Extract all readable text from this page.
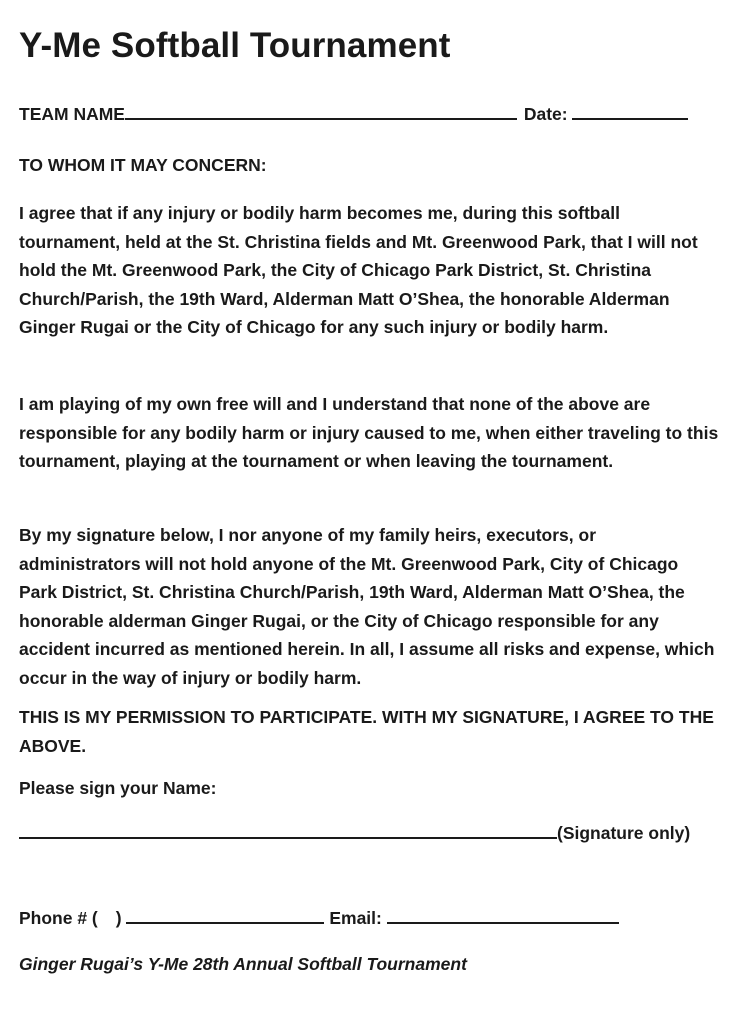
Y-Me Softball Tournament
TEAM NAME	Date:
TO WHOM IT MAY CONCERN:

I agree that if any injury or bodily harm becomes me, during this softball tournament, held at the St. Christina fields and Mt. Greenwood Park, that I will not hold the Mt. Greenwood Park, the City of Chicago Park District, St. Christina Church/Parish, the 19th Ward, Alderman Matt O’Shea, the honorable Alderman Ginger Rugai or the City of Chicago for any such injury or bodily harm.

I am playing of my own free will and I understand that none of the above are responsible for any bodily harm or injury caused to me, when either traveling to this tournament, playing at the tournament or when leaving the tournament.

By my signature below, I nor anyone of my family heirs, executors, or administrators will not hold anyone of the Mt. Greenwood Park, City of Chicago Park District, St. Christina Church/Parish, 19th Ward, Alderman Matt O’Shea, the honorable alderman Ginger Rugai, or the City of Chicago responsible for any accident incurred as mentioned herein. In all, I assume all risks and expense, which occur in the way of injury or bodily harm.

THIS IS MY PERMISSION TO PARTICIPATE. WITH MY SIGNATURE, I AGREE TO THE ABOVE.

Please sign your Name:
(Signature only)
Phone # ( )	Email:
Ginger Rugai’s Y-Me 28th Annual Softball Tournament
